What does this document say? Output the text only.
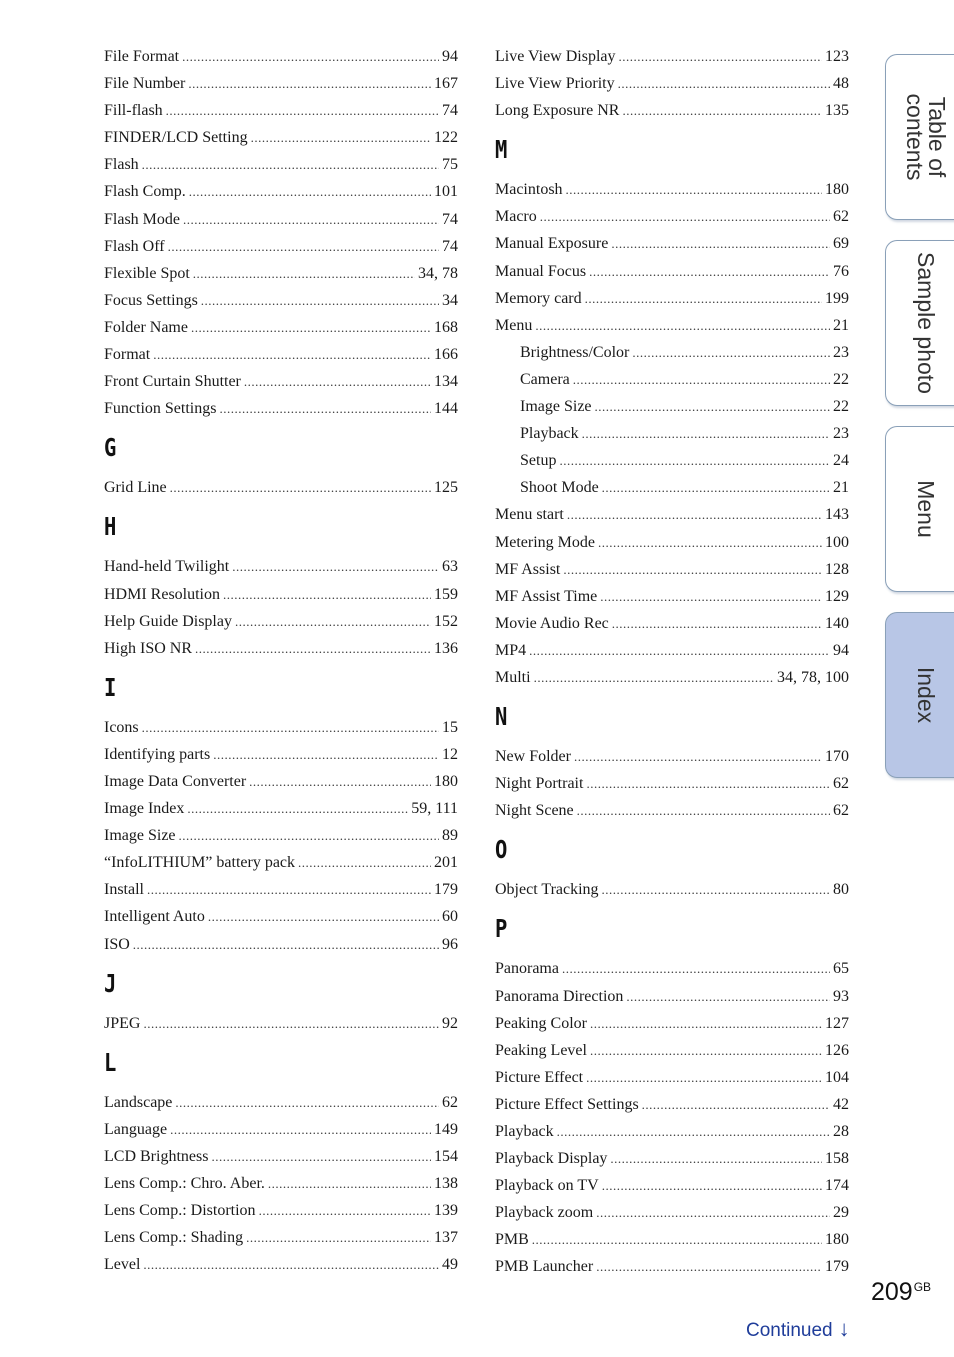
File Format .....	94
File Number .....	167
Fill-flash .....	74
FINDER/LCD Setting .....	122
Flash .....	75
Flash Comp. .....	101
Flash Mode .....	74
Flash Off .....	74
Flexible Spot .....	34, 78
Focus Settings .....	34
Folder Name .....	168
Format .....	166
Front Curtain Shutter .....	134
Function Settings .....	144
G
Grid Line .....	125
H
Hand-held Twilight .....	63
HDMI Resolution .....	159
Help Guide Display .....	152
High ISO NR .....	136
I
Icons .....	15
Identifying parts .....	12
Image Data Converter .....	180
Image Index .....	59, 111
Image Size .....	89
“InfoLITHIUM” battery pack .....	201
Install .....	179
Intelligent Auto .....	60
ISO .....	96
J
JPEG .....	92
L
Landscape .....	62
Language .....	149
LCD Brightness .....	154
Lens Comp.: Chro. Aber. .....	138
Lens Comp.: Distortion .....	139
Lens Comp.: Shading .....	137
Level .....	49
Live View Display .....	123
Live View Priority .....	48
Long Exposure NR .....	135
M
Macintosh .....	180
Macro .....	62
Manual Exposure .....	69
Manual Focus .....	76
Memory card .....	199
Menu .....	21
Brightness/Color .....	23
Camera .....	22
Image Size .....	22
Playback .....	23
Setup .....	24
Shoot Mode .....	21
Menu start .....	143
Metering Mode .....	100
MF Assist .....	128
MF Assist Time .....	129
Movie Audio Rec .....	140
MP4 .....	94
Multi .....	34, 78, 100
N
New Folder .....	170
Night Portrait .....	62
Night Scene .....	62
O
Object Tracking .....	80
P
Panorama .....	65
Panorama Direction .....	93
Peaking Color .....	127
Peaking Level .....	126
Picture Effect .....	104
Picture Effect Settings .....	42
Playback .....	28
Playback Display .....	158
Playback on TV .....	174
Playback zoom .....	29
PMB .....	180
PMB Launcher .....	179
Table of
contents
Sample photo
Menu
Index
$209^{GB}$
Continued ↓
